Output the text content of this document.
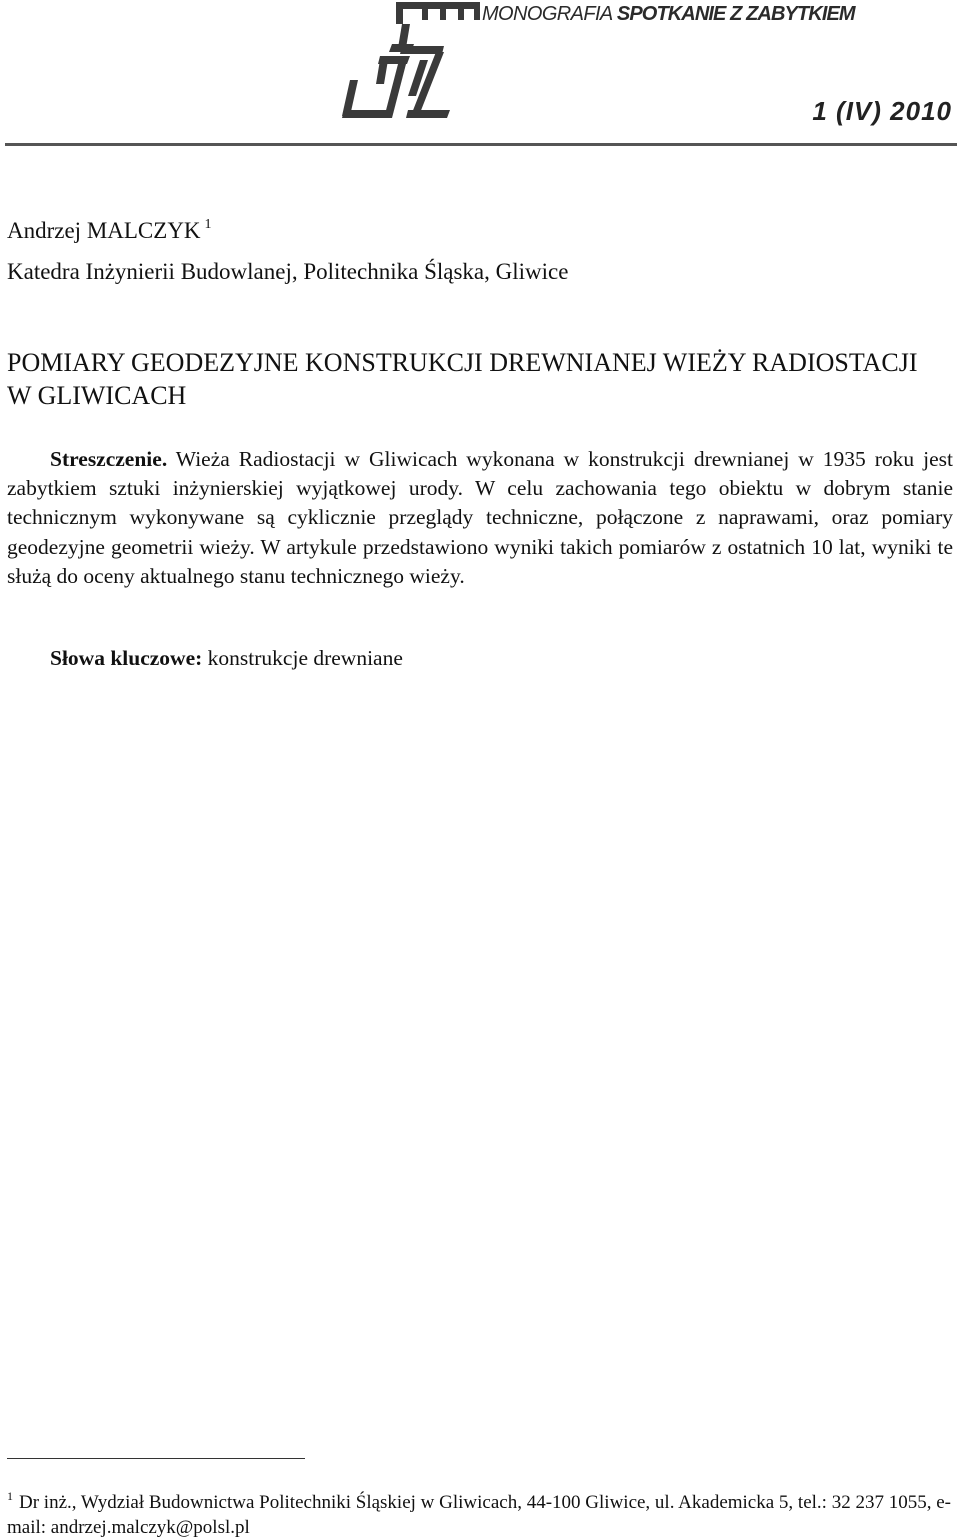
MONOGRAFIA SPOTKANIE Z ZABYTKIEM
1 (IV) 2010
Andrzej MALCZYK $^1$
Katedra Inżynierii Budowlanej, Politechnika Śląska, Gliwice
POMIARY GEODEZYJNE KONSTRUKCJI DREWNIANEJ WIEŻY RADIOSTACJI W GLIWICACH

Streszczenie. Wieża Radiostacji w Gliwicach wykonana w konstrukcji drewnianej w 1935 roku jest zabytkiem sztuki inżynierskiej wyjątkowej urody. W celu zachowania tego obiektu w dobrym stanie technicznym wykonywane są cyklicznie przeglądy techniczne, połączone z naprawami, oraz pomiary geodezyjne geometrii wieży. W artykule przedstawiono wyniki takich pomiarów z ostatnich 10 lat, wyniki te służą do oceny aktualnego stanu technicznego wieży.

Słowa kluczowe: konstrukcje drewniane

$^1$ Dr inż., Wydział Budownictwa Politechniki Śląskiej w Gliwicach, 44-100 Gliwice, ul. Akademicka 5, tel.: 32 237 1055, e-mail: andrzej.malczyk@polsl.pl
